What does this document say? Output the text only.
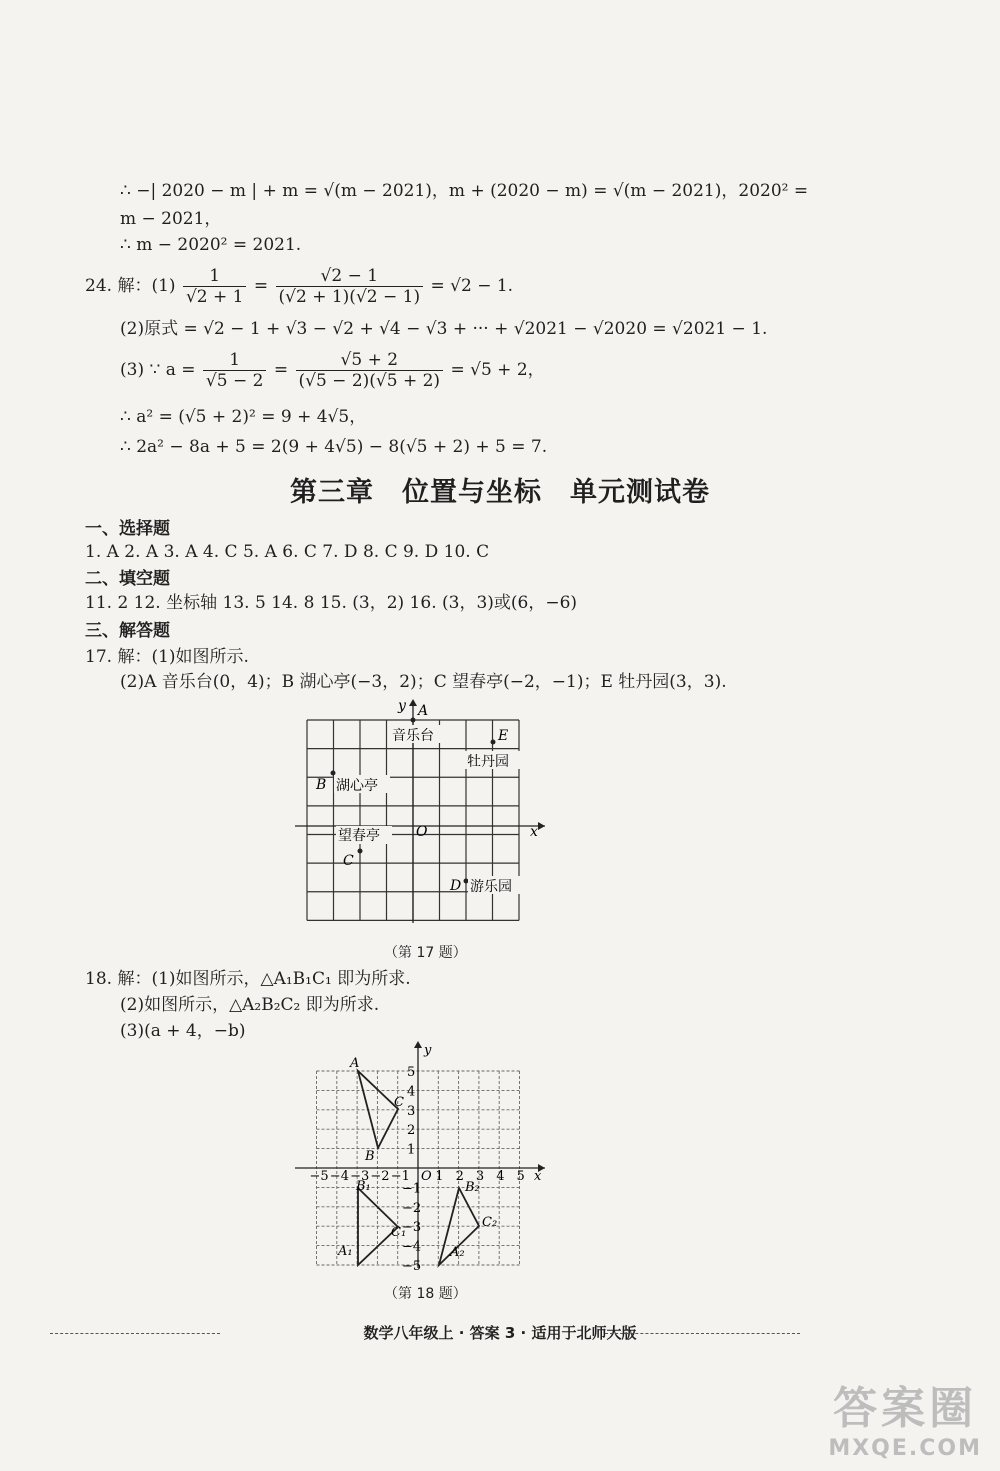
∴ −| 2020 − m | + m = √(m − 2021)，m + (2020 − m) = √(m − 2021)，2020² =
m − 2021，
∴ m − 2020² = 2021.
24. 解：$(1) \frac{1}{√2 + 1} = \frac{√2 - 1}{(√2 + 1)(√2 - 1)} = √2 - 1$.
(2)原式 = √2 − 1 + √3 − √2 + √4 − √3 + ··· + √2021 − √2020 = √2021 − 1.
(3) ∵ $a = \frac{1}{√5 - 2} = \frac{√5 + 2}{(√5 - 2)(√5 + 2)} = √5 + 2$，
∴ a² = (√5 + 2)² = 9 + 4√5，
∴ 2a² − 8a + 5 = 2(9 + 4√5) − 8(√5 + 2) + 5 = 7.
第三章　位置与坐标　单元测试卷
一、选择题
1. A 2. A 3. A 4. C 5. A 6. C 7. D 8. C 9. D 10. C
二、填空题
11. 2 12. 坐标轴 13. 5 14. 8 15. (3，2) 16. (3，3)或(6，−6)
三、解答题
17. 解：(1)如图所示.
(2)A 音乐台(0，4)；B 湖心亭(−3，2)；C 望春亭(−2，−1)；E 牡丹园(3，3).
x
y
O
A
音乐台	E
牡丹园
B 湖心亭
望春亭
C
D 游乐园
（第 17 题）
18. 解：(1)如图所示，△A₁B₁C₁ 即为所求.
(2)如图所示，△A₂B₂C₂ 即为所求.
(3)(a + 4，−b)
x
y
O
−5 −4 −3 −2 −1 1 2 3 4 5
5
4
3
2
1
−1
−2
−3
−4
−5
A
B
C
A₁
B₁
C₁
A₂
B₂
C₂
（第 18 题）
数学八年级上 · 答案 3 · 适用于北师大版
答案圈
MXQE.COM
